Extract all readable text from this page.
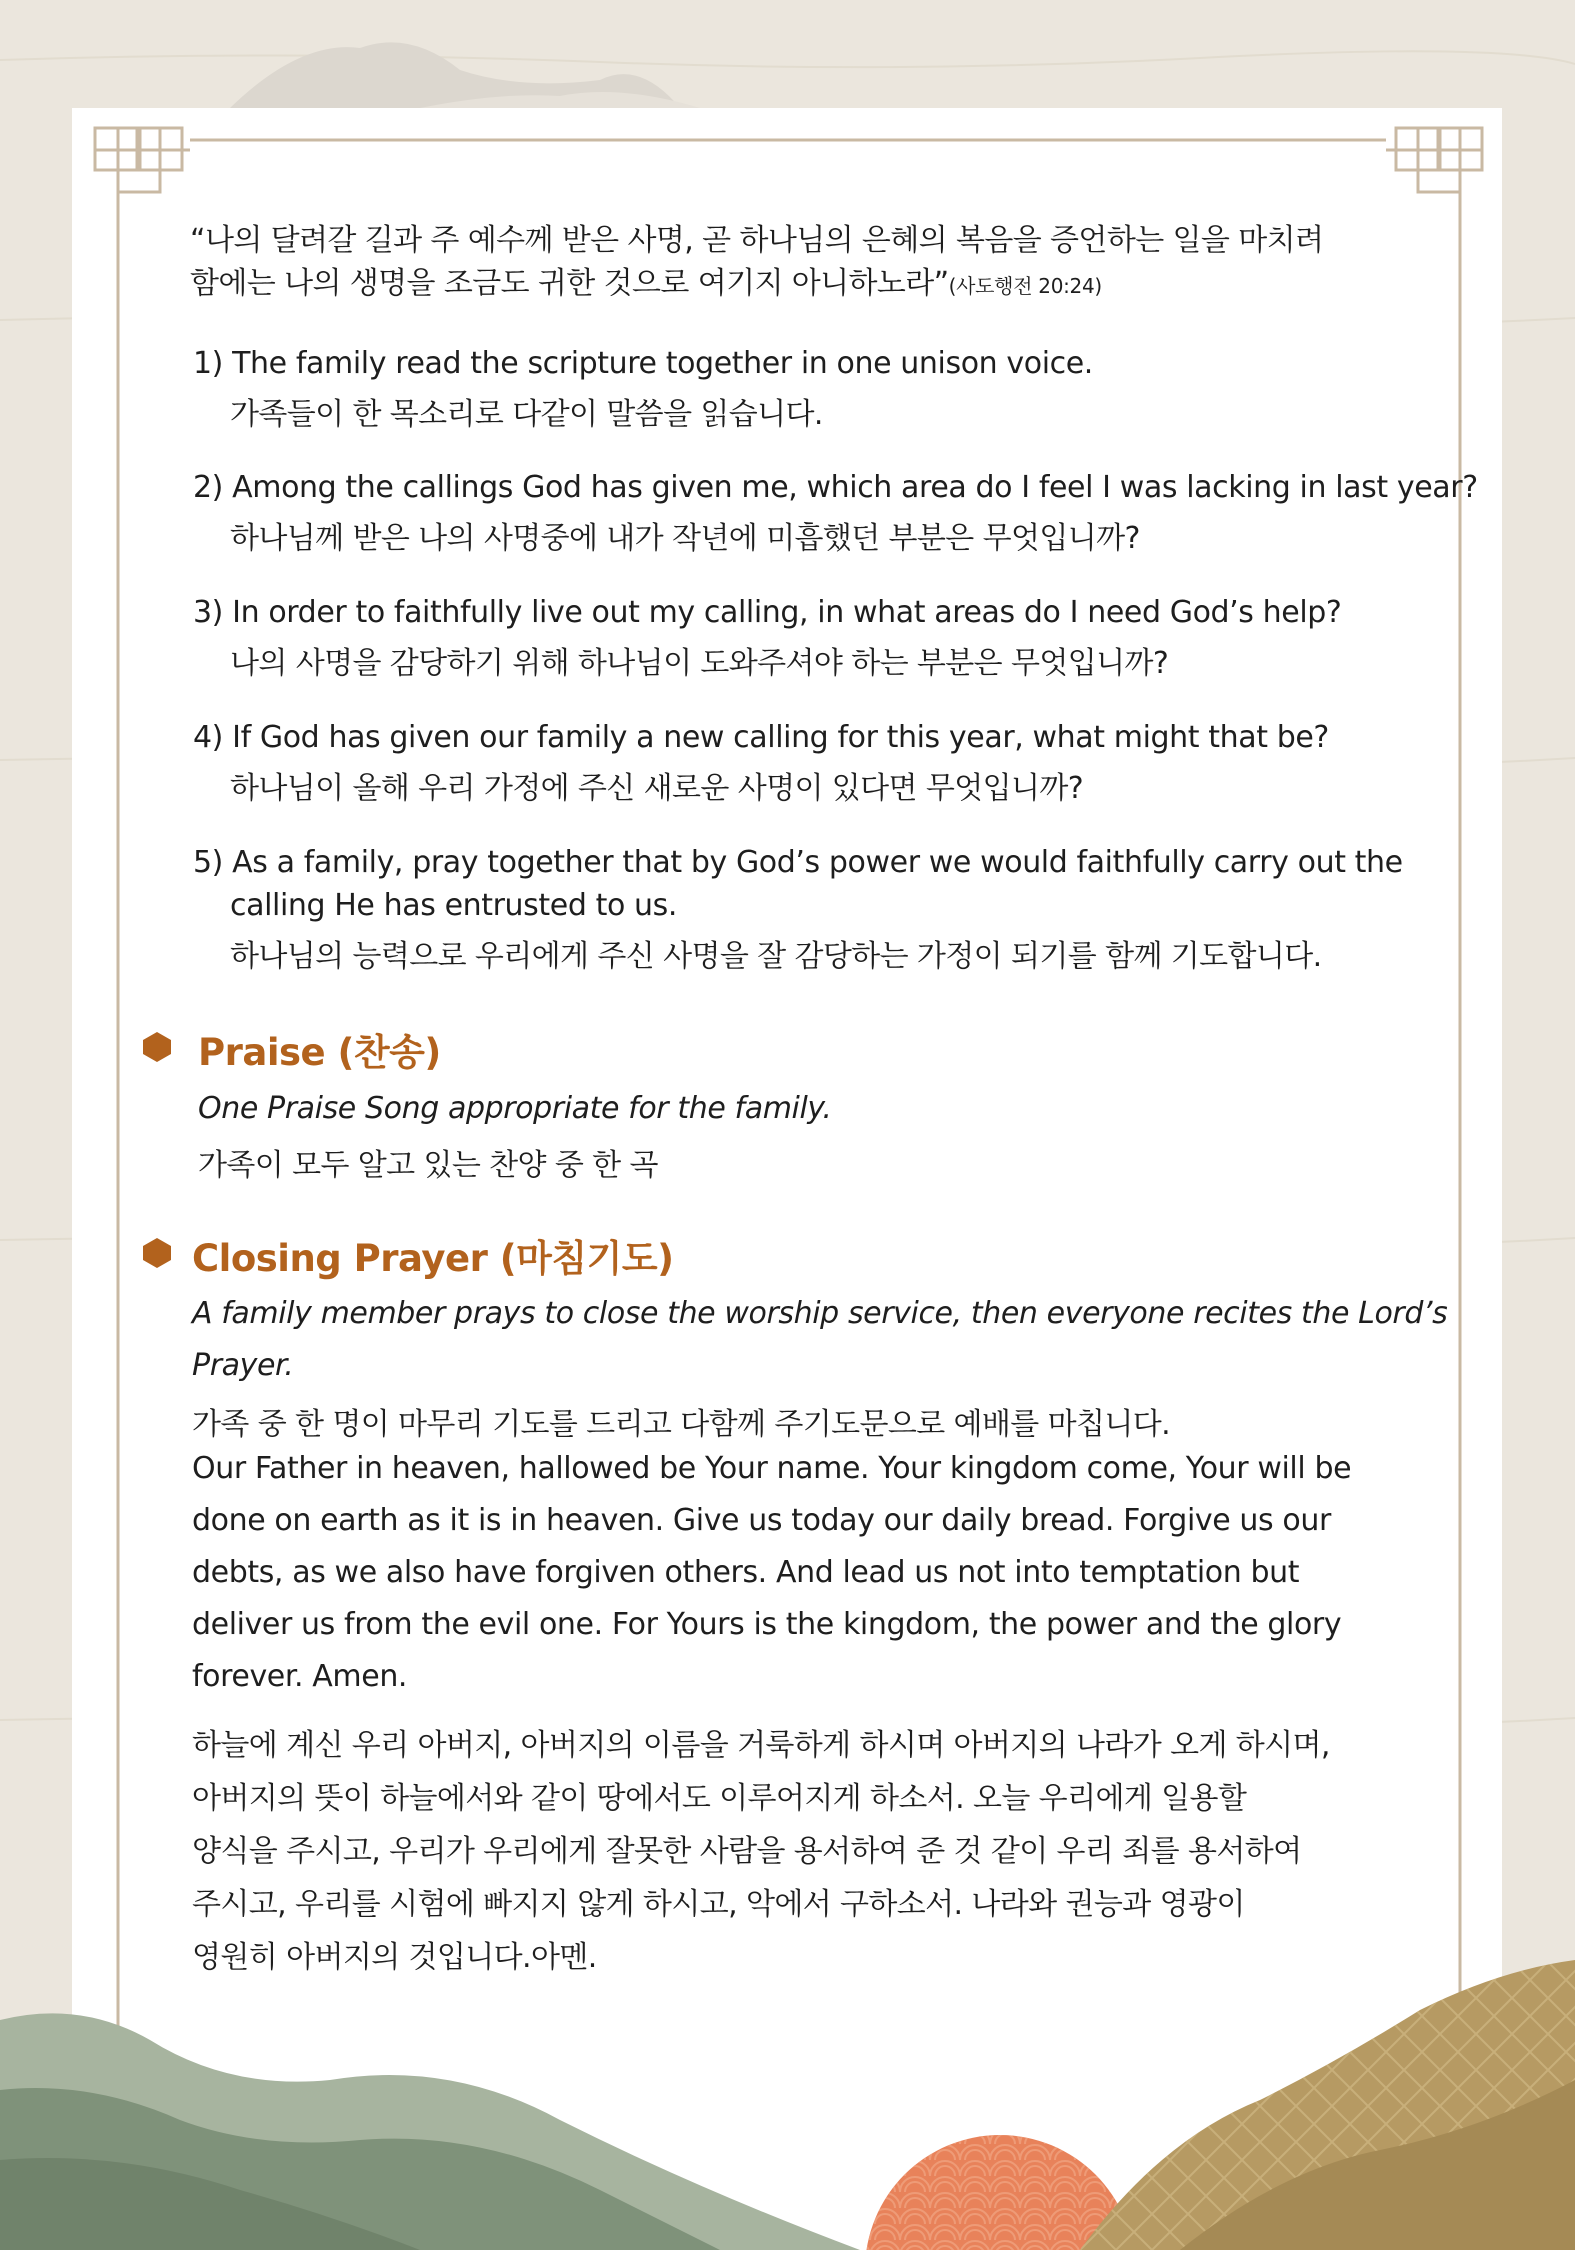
“나의 달려갈 길과 주 예수께 받은 사명, 곧 하나님의 은혜의 복음을 증언하는 일을 마치려
함에는 나의 생명을 조금도 귀한 것으로 여기지 아니하노라”(사도행전 20:24)
1) The family read the scripture together in one unison voice.
가족들이 한 목소리로 다같이 말씀을 읽습니다.
2) Among the callings God has given me, which area do I feel I was lacking in last year?
하나님께 받은 나의 사명중에 내가 작년에 미흡했던 부분은 무엇입니까?
3) In order to faithfully live out my calling, in what areas do I need God’s help?
나의 사명을 감당하기 위해 하나님이 도와주셔야 하는 부분은 무엇입니까?
4) If God has given our family a new calling for this year, what might that be?
하나님이 올해 우리 가정에 주신 새로운 사명이 있다면 무엇입니까?
5) As a family, pray together that by God’s power we would faithfully carry out the
calling He has entrusted to us.
하나님의 능력으로 우리에게 주신 사명을 잘 감당하는 가정이 되기를 함께 기도합니다.
Praise (찬송)
One Praise Song appropriate for the family.
가족이 모두 알고 있는 찬양 중 한 곡
Closing Prayer (마침기도)
A family member prays to close the worship service, then everyone recites the Lord’s
Prayer.
가족 중 한 명이 마무리 기도를 드리고 다함께 주기도문으로 예배를 마칩니다.
Our Father in heaven, hallowed be Your name. Your kingdom come, Your will be
done on earth as it is in heaven. Give us today our daily bread. Forgive us our
debts, as we also have forgiven others. And lead us not into temptation but
deliver us from the evil one. For Yours is the kingdom, the power and the glory
forever. Amen.
하늘에 계신 우리 아버지, 아버지의 이름을 거룩하게 하시며 아버지의 나라가 오게 하시며,
아버지의 뜻이 하늘에서와 같이 땅에서도 이루어지게 하소서. 오늘 우리에게 일용할
양식을 주시고, 우리가 우리에게 잘못한 사람을 용서하여 준 것 같이 우리 죄를 용서하여
주시고, 우리를 시험에 빠지지 않게 하시고, 악에서 구하소서. 나라와 권능과 영광이
영원히 아버지의 것입니다.아멘.
